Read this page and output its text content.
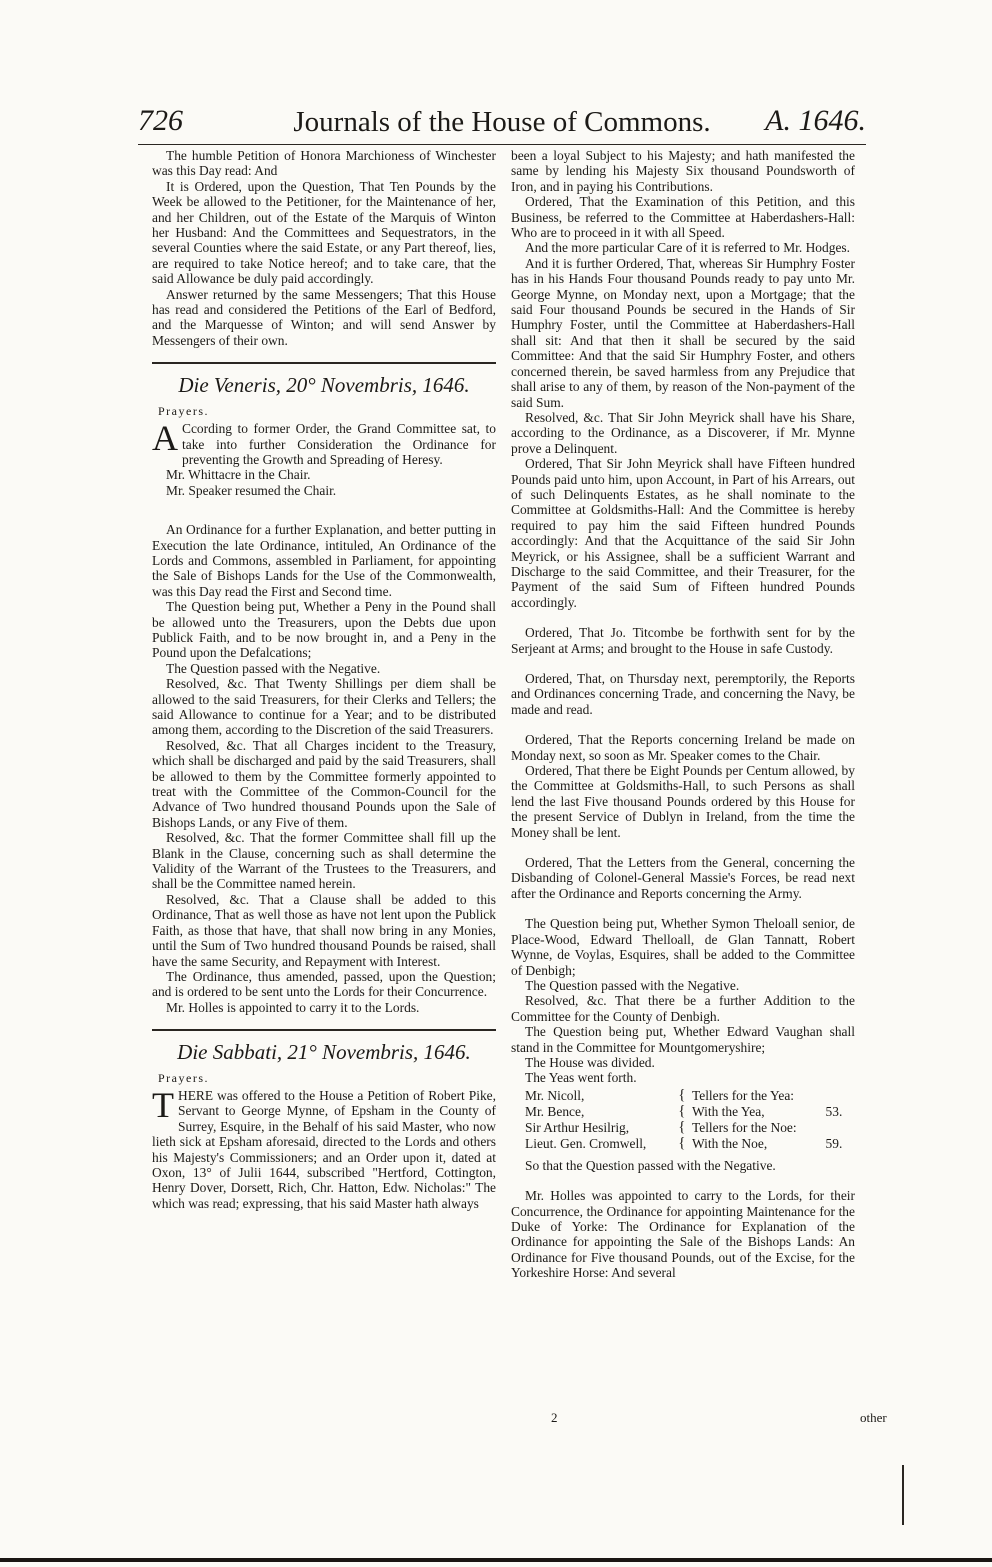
726	Journals of the House of Commons.	A. 1646.

The humble Petition of Honora Marchioness of Winchester was this Day read: And

It is Ordered, upon the Question, That Ten Pounds by the Week be allowed to the Petitioner, for the Maintenance of her, and her Children, out of the Estate of the Marquis of Winton her Husband: And the Committees and Sequestrators, in the several Counties where the said Estate, or any Part thereof, lies, are required to take Notice hereof; and to take care, that the said Allowance be duly paid accordingly.

Answer returned by the same Messengers; That this House has read and considered the Petitions of the Earl of Bedford, and the Marquesse of Winton; and will send Answer by Messengers of their own.

Die Veneris, 20° Novembris, 1646.
Prayers.

A Ccording to former Order, the Grand Committee sat, to take into further Consideration the Ordinance for preventing the Growth and Spreading of Heresy.

Mr. Whittacre in the Chair.

Mr. Speaker resumed the Chair.

An Ordinance for a further Explanation, and better putting in Execution the late Ordinance, intituled, An Ordinance of the Lords and Commons, assembled in Parliament, for appointing the Sale of Bishops Lands for the Use of the Commonwealth, was this Day read the First and Second time.

The Question being put, Whether a Peny in the Pound shall be allowed unto the Treasurers, upon the Debts due upon Publick Faith, and to be now brought in, and a Peny in the Pound upon the Defalcations;

The Question passed with the Negative.

Resolved, &c. That Twenty Shillings per diem shall be allowed to the said Treasurers, for their Clerks and Tellers; the said Allowance to continue for a Year; and to be distributed among them, according to the Discretion of the said Treasurers.

Resolved, &c. That all Charges incident to the Treasury, which shall be discharged and paid by the said Treasurers, shall be allowed to them by the Committee formerly appointed to treat with the Committee of the Common-Council for the Advance of Two hundred thousand Pounds upon the Sale of Bishops Lands, or any Five of them.

Resolved, &c. That the former Committee shall fill up the Blank in the Clause, concerning such as shall determine the Validity of the Warrant of the Trustees to the Treasurers, and shall be the Committee named herein.

Resolved, &c. That a Clause shall be added to this Ordinance, That as well those as have not lent upon the Publick Faith, as those that have, that shall now bring in any Monies, until the Sum of Two hundred thousand Pounds be raised, shall have the same Security, and Repayment with Interest.

The Ordinance, thus amended, passed, upon the Question; and is ordered to be sent unto the Lords for their Concurrence.

Mr. Holles is appointed to carry it to the Lords.

Die Sabbati, 21° Novembris, 1646.
Prayers.

THERE was offered to the House a Petition of Robert Pike, Servant to George Mynne, of Epsham in the County of Surrey, Esquire, in the Behalf of his said Master, who now lieth sick at Epsham aforesaid, directed to the Lords and others his Majesty's Commissioners; and an Order upon it, dated at Oxon, 13° of Julii 1644, subscribed "Hertford, Cottington, Henry Dover, Dorsett, Rich, Chr. Hatton, Edw. Nicholas:" The which was read; expressing, that his said Master hath always

been a loyal Subject to his Majesty; and hath manifested the same by lending his Majesty Six thousand Poundsworth of Iron, and in paying his Contributions.

Ordered, That the Examination of this Petition, and this Business, be referred to the Committee at Haberdashers-Hall: Who are to proceed in it with all Speed.

And the more particular Care of it is referred to Mr. Hodges.

And it is further Ordered, That, whereas Sir Humphry Foster has in his Hands Four thousand Pounds ready to pay unto Mr. George Mynne, on Monday next, upon a Mortgage; that the said Four thousand Pounds be secured in the Hands of Sir Humphry Foster, until the Committee at Haberdashers-Hall shall sit: And that then it shall be secured by the said Committee: And that the said Sir Humphry Foster, and others concerned therein, be saved harmless from any Prejudice that shall arise to any of them, by reason of the Non-payment of the said Sum.

Resolved, &c. That Sir John Meyrick shall have his Share, according to the Ordinance, as a Discoverer, if Mr. Mynne prove a Delinquent.

Ordered, That Sir John Meyrick shall have Fifteen hundred Pounds paid unto him, upon Account, in Part of his Arrears, out of such Delinquents Estates, as he shall nominate to the Committee at Goldsmiths-Hall: And the Committee is hereby required to pay him the said Fifteen hundred Pounds accordingly: And that the Acquittance of the said Sir John Meyrick, or his Assignee, shall be a sufficient Warrant and Discharge to the said Committee, and their Treasurer, for the Payment of the said Sum of Fifteen hundred Pounds accordingly.

Ordered, That Jo. Titcombe be forthwith sent for by the Serjeant at Arms; and brought to the House in safe Custody.

Ordered, That, on Thursday next, peremptorily, the Reports and Ordinances concerning Trade, and concerning the Navy, be made and read.

Ordered, That the Reports concerning Ireland be made on Monday next, so soon as Mr. Speaker comes to the Chair.

Ordered, That there be Eight Pounds per Centum allowed, by the Committee at Goldsmiths-Hall, to such Persons as shall lend the last Five thousand Pounds ordered by this House for the present Service of Dublyn in Ireland, from the time the Money shall be lent.

Ordered, That the Letters from the General, concerning the Disbanding of Colonel-General Massie's Forces, be read next after the Ordinance and Reports concerning the Army.

The Question being put, Whether Symon Theloall senior, de Place-Wood, Edward Thelloall, de Glan Tannatt, Robert Wynne, de Voylas, Esquires, shall be added to the Committee of Denbigh;

The Question passed with the Negative.

Resolved, &c. That there be a further Addition to the Committee for the County of Denbigh.

The Question being put, Whether Edward Vaughan shall stand in the Committee for Mountgomeryshire;

The House was divided.

The Yeas went forth.

Mr. Nicoll,	{ Tellers for the Yea:
Mr. Bence,	{ With the Yea,	53.
Sir Arthur Hesilrig,	{ Tellers for the Noe:
Lieut. Gen. Cromwell,	{ With the Noe,	59.

So that the Question passed with the Negative.

Mr. Holles was appointed to carry to the Lords, for their Concurrence, the Ordinance for appointing Maintenance for the Duke of Yorke: The Ordinance for Explanation of the Ordinance for appointing the Sale of the Bishops Lands: An Ordinance for Five thousand Pounds, out of the Excise, for the Yorkeshire Horse: And several

2	other
